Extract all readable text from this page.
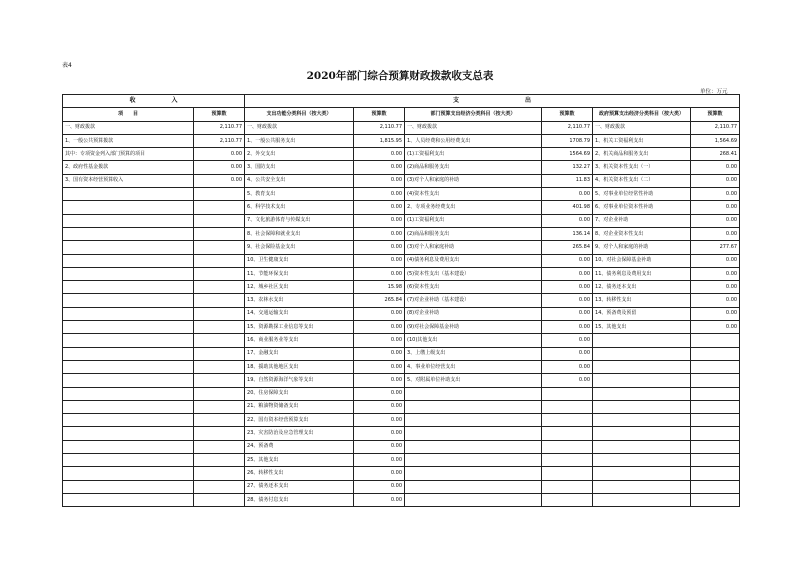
表4
2020年部门综合预算财政拨款收支总表
单位：万元
收　　　　　　入		支　　　　　　　　　　　出					
项　　目	预算数	支出功能分类科目（按大类）	预算数	部门预算支出经济分类科目（按大类）	预算数	政府预算支出经济分类科目（按大类）	预算数
一、财政拨款	2,110.77	一、财政拨款	2,110.77	一、财政拨款	2,110.77	一、财政拨款	2,110.77
1、一般公共预算拨款	2,110.77	1、一般公共服务支出	1,815.95	1、人员经费和公用经费支出	1708.79	1、机关工资福利支出	1,564.69
其中：专项资金列入部门预算的项目	0.00	2、外交支出	0.00	(1)工资福利支出	1564.69	2、机关商品和服务支出	268.41
2、政府性基金拨款	0.00	3、国防支出	0.00	(2)商品和服务支出	132.27	3、机关资本性支出（一）	0.00
3、国有资本经营预算收入	0.00	4、公共安全支出	0.00	(3)对个人和家庭的补助	11.83	4、机关资本性支出（二）	0.00
		5、教育支出	0.00	(4)资本性支出	0.00	5、对事业单位经常性补助	0.00
		6、科学技术支出	0.00	2、专项业务经费支出	401.98	6、对事业单位资本性补助	0.00
		7、文化旅游体育与传媒支出	0.00	(1)工资福利支出	0.00	7、对企业补助	0.00
		8、社会保障和就业支出	0.00	(2)商品和服务支出	136.14	8、对企业资本性支出	0.00
		9、社会保险基金支出	0.00	(3)对个人和家庭补助	265.84	9、对个人和家庭的补助	277.67
		10、卫生健康支出	0.00	(4)债务利息及费用支出	0.00	10、对社会保障基金补助	0.00
		11、节能环保支出	0.00	(5)资本性支出（基本建设）	0.00	11、债务利息及费用支出	0.00
		12、城乡社区支出	15.98	(6)资本性支出	0.00	12、债务还本支出	0.00
		13、农林水支出	265.84	(7)对企业补助（基本建设）	0.00	13、转移性支出	0.00
		14、交通运输支出	0.00	(8)对企业补助	0.00	14、预备费及预留	0.00
		15、资源勘探工业信息等支出	0.00	(9)对社会保障基金补助	0.00	15、其他支出	0.00
		16、商业服务业等支出	0.00	(10)其他支出	0.00		
		17、金融支出	0.00	3、上缴上级支出	0.00		
		18、援助其他地区支出	0.00	4、事业单位经营支出	0.00		
		19、自然资源海洋气象等支出	0.00	5、对附属单位补助支出	0.00		
		20、住房保障支出	0.00				
		21、粮油物资储备支出	0.00				
		22、国有资本经营预算支出	0.00				
		23、灾害防治及应急管理支出	0.00				
		24、预备费	0.00				
		25、其他支出	0.00				
		26、转移性支出	0.00				
		27、债务还本支出	0.00				
		28、债务付息支出	0.00				
